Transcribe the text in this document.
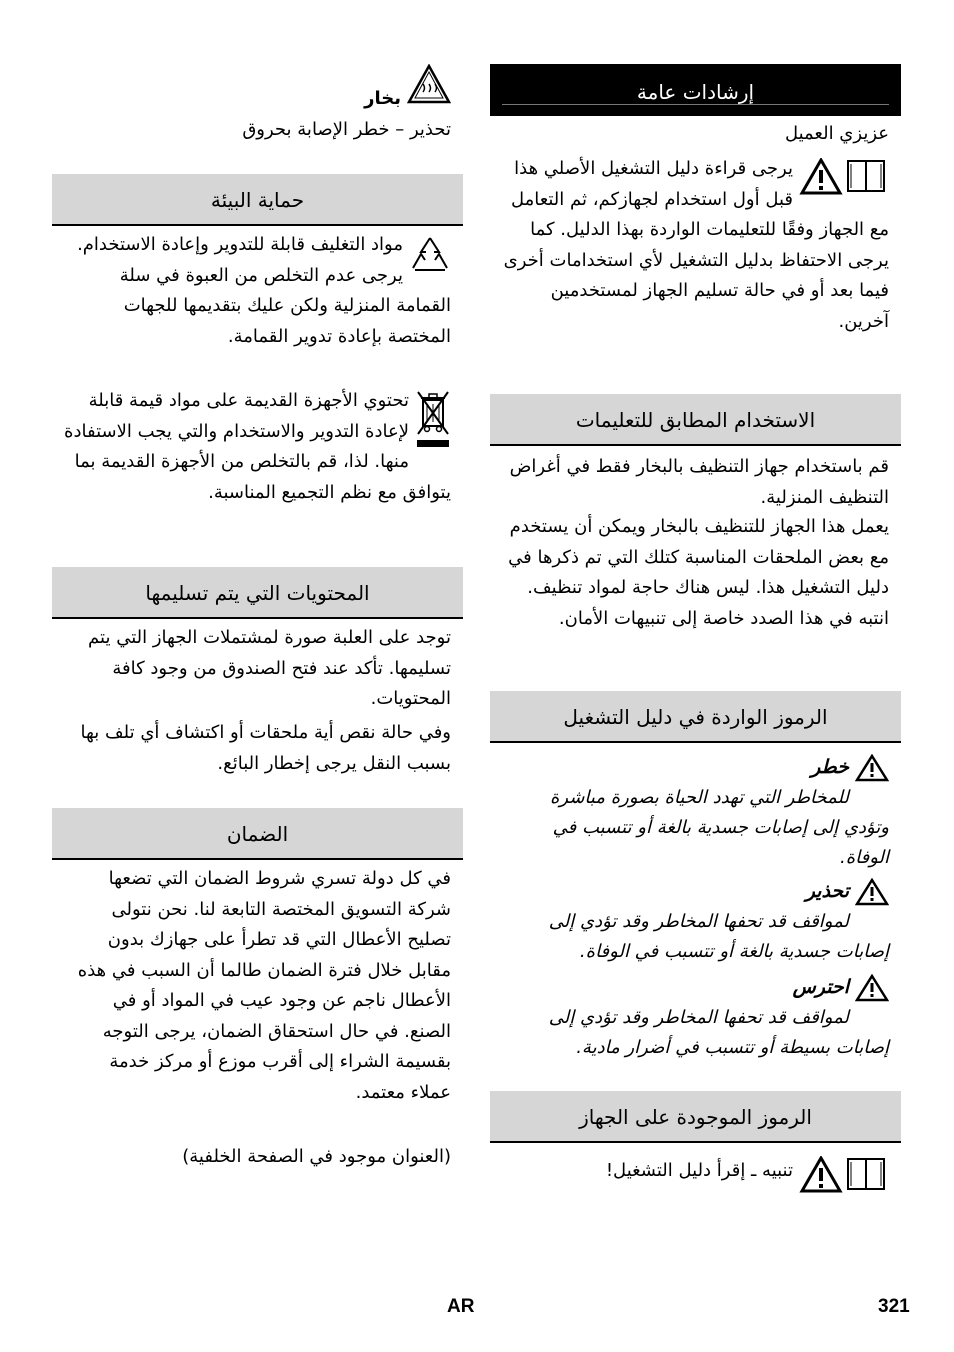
إرشادات عامة

عزيزي العميل

يرجى قراءة دليل التشغيل الأصلي هذا قبل أول استخدام لجهازكم، ثم التعامل مع الجهاز وفقًا للتعليمات الواردة بهذا الدليل. كما يرجى الاحتفاظ بدليل التشغيل لأي استخدامات أخرى فيما بعد أو في حالة تسليم الجهاز لمستخدمين آخرين.

الاستخدام المطابق للتعليمات

قم باستخدام جهاز التنظيف بالبخار فقط في أغراض التنظيف المنزلية.

يعمل هذا الجهاز للتنظيف بالبخار ويمكن أن يستخدم مع بعض الملحقات المناسبة كتلك التي تم ذكرها في دليل التشغيل هذا. ليس هناك حاجة لمواد تنظيف. انتبه في هذا الصدد خاصة إلى تنبيهات الأمان.

الرموز الواردة في دليل التشغيل

خطر
للمخاطر التي تهدد الحياة بصورة مباشرة وتؤدي إلى إصابات جسدية بالغة أو تتسبب في الوفاة.

تحذير
لمواقف قد تحفها المخاطر وقد تؤدي إلى إصابات جسدية بالغة أو تتسبب في الوفاة.

احترس
لمواقف قد تحفها المخاطر وقد تؤدي إلى إصابات بسيطة أو تتسبب في أضرار مادية.

الرموز الموجودة على الجهاز

تنبيه ـ إقرأ دليل التشغيل!

بخار
تحذير – خطر الإصابة بحروق

حماية البيئة

مواد التغليف قابلة للتدوير وإعادة الاستخدام. يرجى عدم التخلص من العبوة في سلة القمامة المنزلية ولكن عليك بتقديمها للجهات المختصة بإعادة تدوير القمامة.

تحتوي الأجهزة القديمة على مواد قيمة قابلة لإعادة التدوير والاستخدام والتي يجب الاستفادة منها. لذا، قم بالتخلص من الأجهزة القديمة بما يتوافق مع نظم التجميع المناسبة.

المحتويات التي يتم تسليمها

توجد على العلبة صورة لمشتملات الجهاز التي يتم تسليمها. تأكد عند فتح الصندوق من وجود كافة المحتويات.

وفي حالة نقص أية ملحقات أو اكتشاف أي تلف بها بسبب النقل يرجى إخطار البائع.

الضمان

في كل دولة تسري شروط الضمان التي تضعها شركة التسويق المختصة التابعة لنا. نحن نتولى تصليح الأعطال التي قد تطرأ على جهازك بدون مقابل خلال فترة الضمان طالما أن السبب في هذه الأعطال ناجم عن وجود عيب في المواد أو في الصنع. في حال استحقاق الضمان، يرجى التوجه بقسيمة الشراء إلى أقرب موزع أو مركز خدمة عملاء معتمد.

(العنوان موجود في الصفحة الخلفية)

AR	321
